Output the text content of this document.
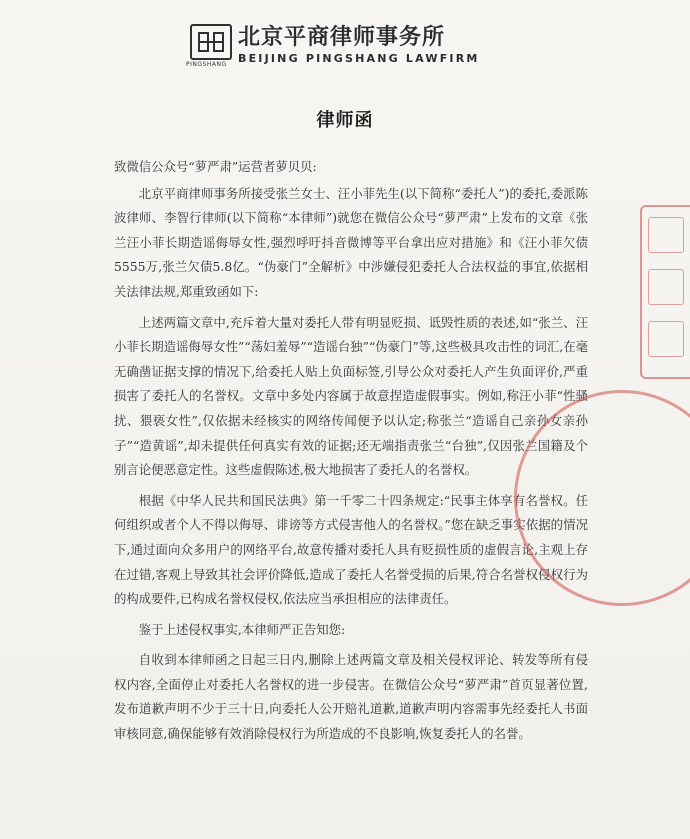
PINGSHANG
北京平商律师事务所
BEIJING PINGSHANG LAWFIRM
律师函

致微信公众号“萝严肃”运营者萝贝贝:

北京平商律师事务所接受张兰女士、汪小菲先生(以下简称“委托人”)的委托,委派陈波律师、李智行律师(以下简称“本律师”)就您在微信公众号“萝严肃”上发布的文章《张兰汪小菲长期造谣侮辱女性,强烈呼吁抖音微博等平台拿出应对措施》和《汪小菲欠债5555万,张兰欠债5.8亿。“伪豪门”全解析》中涉嫌侵犯委托人合法权益的事宜,依据相关法律法规,郑重致函如下:

上述两篇文章中,充斥着大量对委托人带有明显贬损、诋毁性质的表述,如“张兰、汪小菲长期造谣侮辱女性”“荡妇羞辱”“造谣台独”“伪豪门”等,这些极具攻击性的词汇,在毫无确凿证据支撑的情况下,给委托人贴上负面标签,引导公众对委托人产生负面评价,严重损害了委托人的名誉权。文章中多处内容属于故意捏造虚假事实。例如,称汪小菲“性骚扰、猥亵女性”,仅依据未经核实的网络传闻便予以认定;称张兰“造谣自己亲孙女亲孙子”“造黄谣”,却未提供任何真实有效的证据;还无端指责张兰“台独”,仅因张兰国籍及个别言论便恶意定性。这些虚假陈述,极大地损害了委托人的名誉权。

根据《中华人民共和国民法典》第一千零二十四条规定:“民事主体享有名誉权。任何组织或者个人不得以侮辱、诽谤等方式侵害他人的名誉权。”您在缺乏事实依据的情况下,通过面向众多用户的网络平台,故意传播对委托人具有贬损性质的虚假言论,主观上存在过错,客观上导致其社会评价降低,造成了委托人名誉受损的后果,符合名誉权侵权行为的构成要件,已构成名誉权侵权,依法应当承担相应的法律责任。

鉴于上述侵权事实,本律师严正告知您:

自收到本律师函之日起三日内,删除上述两篇文章及相关侵权评论、转发等所有侵权内容,全面停止对委托人名誉权的进一步侵害。在微信公众号“萝严肃”首页显著位置,发布道歉声明不少于三十日,向委托人公开赔礼道歉,道歉声明内容需事先经委托人书面审核同意,确保能够有效消除侵权行为所造成的不良影响,恢复委托人的名誉。
